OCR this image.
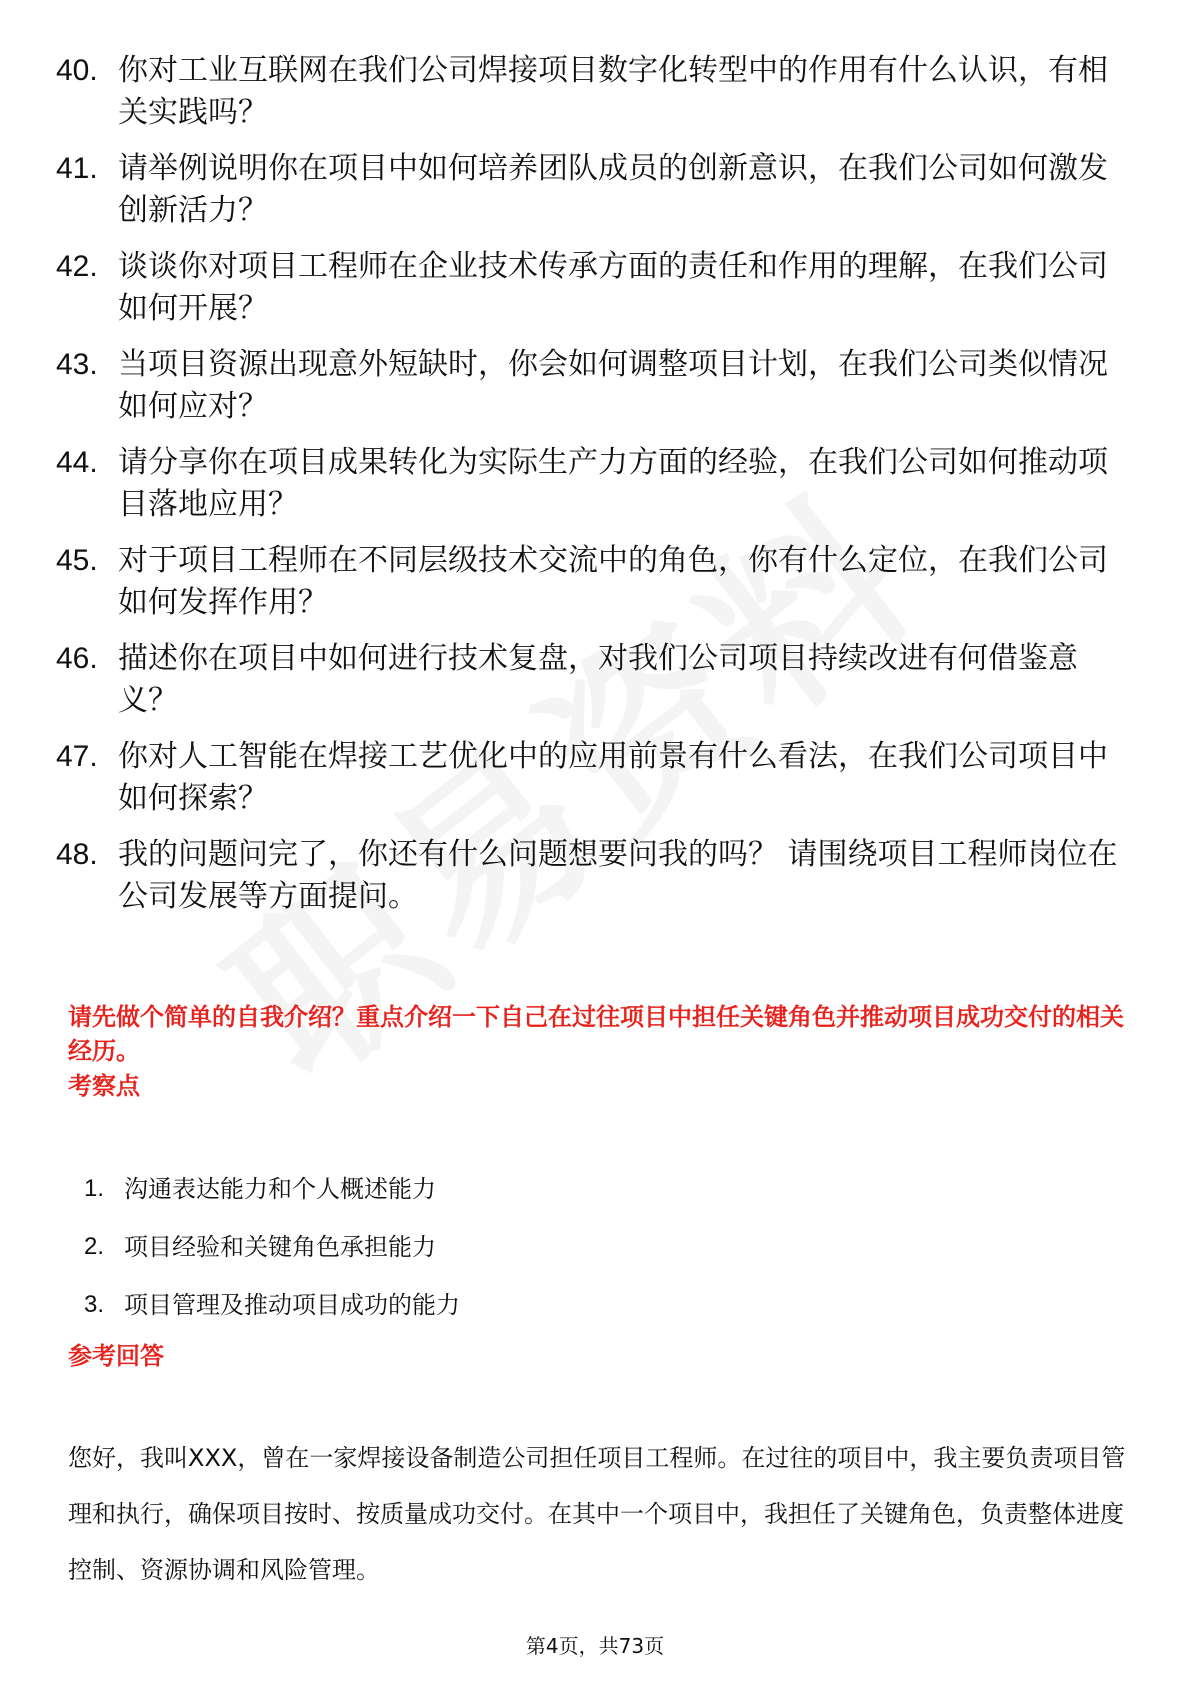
40. 你对工业互联网在我们公司焊接项目数字化转型中的作用有什么认识，有相关实践吗？
41. 请举例说明你在项目中如何培养团队成员的创新意识，在我们公司如何激发创新活力？
42. 谈谈你对项目工程师在企业技术传承方面的责任和作用的理解，在我们公司如何开展？
43. 当项目资源出现意外短缺时，你会如何调整项目计划，在我们公司类似情况如何应对？
44. 请分享你在项目成果转化为实际生产力方面的经验，在我们公司如何推动项目落地应用？
45. 对于项目工程师在不同层级技术交流中的角色，你有什么定位，在我们公司如何发挥作用？
46. 描述你在项目中如何进行技术复盘，对我们公司项目持续改进有何借鉴意义？
47. 你对人工智能在焊接工艺优化中的应用前景有什么看法，在我们公司项目中如何探索？
48. 我的问题问完了，你还有什么问题想要问我的吗？ 请围绕项目工程师岗位在公司发展等方面提问。
请先做个简单的自我介绍？重点介绍一下自己在过往项目中担任关键角色并推动项目成功交付的相关经历。
考察点
1. 沟通表达能力和个人概述能力
2. 项目经验和关键角色承担能力
3. 项目管理及推动项目成功的能力
参考回答

您好，我叫XXX，曾在一家焊接设备制造公司担任项目工程师。在过往的项目中，我主要负责项目管理和执行，确保项目按时、按质量成功交付。在其中一个项目中，我担任了关键角色，负责整体进度控制、资源协调和风险管理。

第4页，共73页
